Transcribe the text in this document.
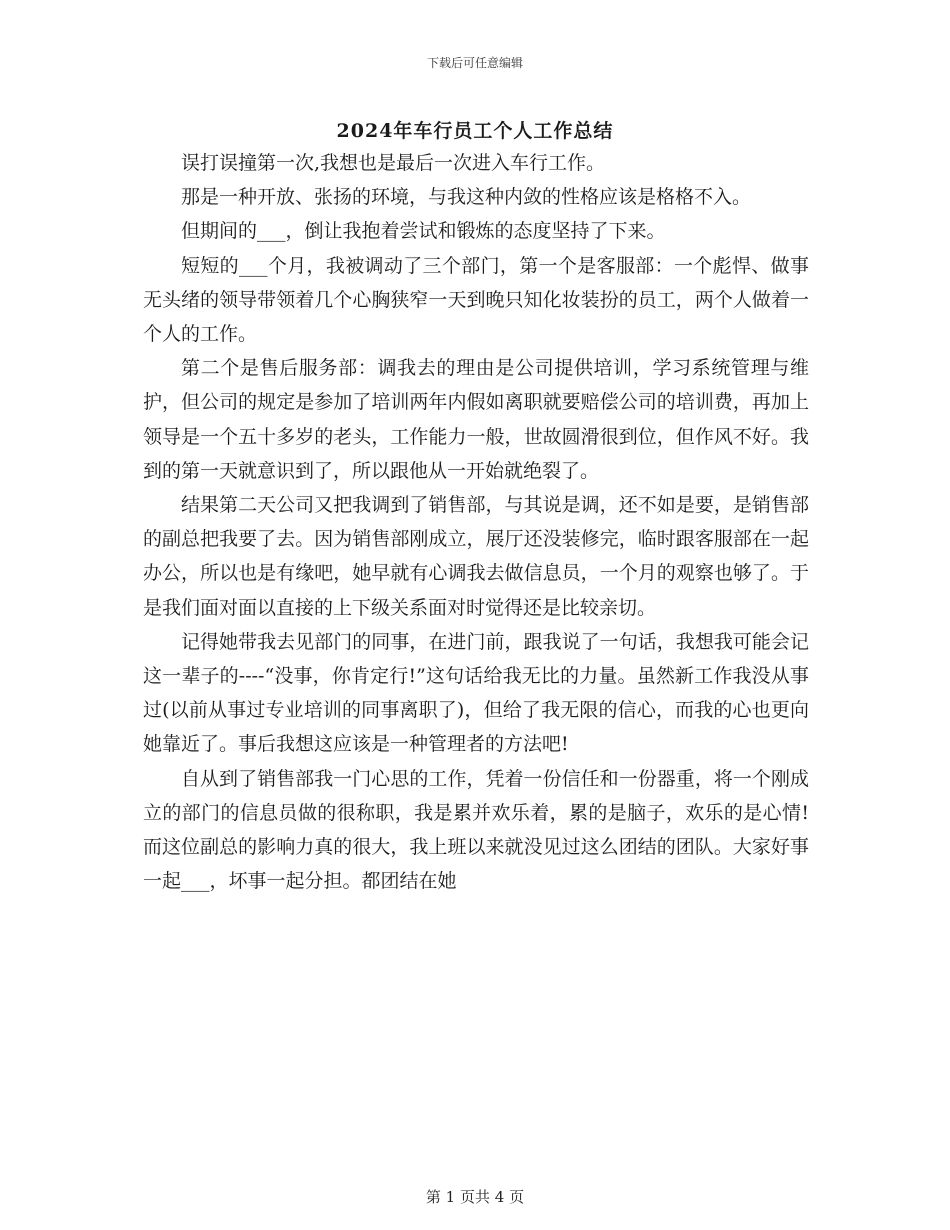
下载后可任意编辑
2024年车行员工个人工作总结

误打误撞第一次,我想也是最后一次进入车行工作。

那是一种开放、张扬的环境，与我这种内敛的性格应该是格格不入。

但期间的___，倒让我抱着尝试和锻炼的态度坚持了下来。

短短的___个月，我被调动了三个部门，第一个是客服部：一个彪悍、做事无头绪的领导带领着几个心胸狭窄一天到晚只知化妆装扮的员工，两个人做着一个人的工作。

第二个是售后服务部：调我去的理由是公司提供培训，学习系统管理与维护，但公司的规定是参加了培训两年内假如离职就要赔偿公司的培训费，再加上领导是一个五十多岁的老头，工作能力一般，世故圆滑很到位，但作风不好。我到的第一天就意识到了，所以跟他从一开始就绝裂了。

结果第二天公司又把我调到了销售部，与其说是调，还不如是要，是销售部的副总把我要了去。因为销售部刚成立，展厅还没装修完，临时跟客服部在一起办公，所以也是有缘吧，她早就有心调我去做信息员，一个月的观察也够了。于是我们面对面以直接的上下级关系面对时觉得还是比较亲切。

记得她带我去见部门的同事，在进门前，跟我说了一句话，我想我可能会记这一辈子的----“没事，你肯定行!”这句话给我无比的力量。虽然新工作我没从事过(以前从事过专业培训的同事离职了)，但给了我无限的信心，而我的心也更向她靠近了。事后我想这应该是一种管理者的方法吧!

自从到了销售部我一门心思的工作，凭着一份信任和一份器重，将一个刚成立的部门的信息员做的很称职，我是累并欢乐着，累的是脑子，欢乐的是心情!而这位副总的影响力真的很大，我上班以来就没见过这么团结的团队。大家好事一起___，坏事一起分担。都团结在她

第 1 页共 4 页
